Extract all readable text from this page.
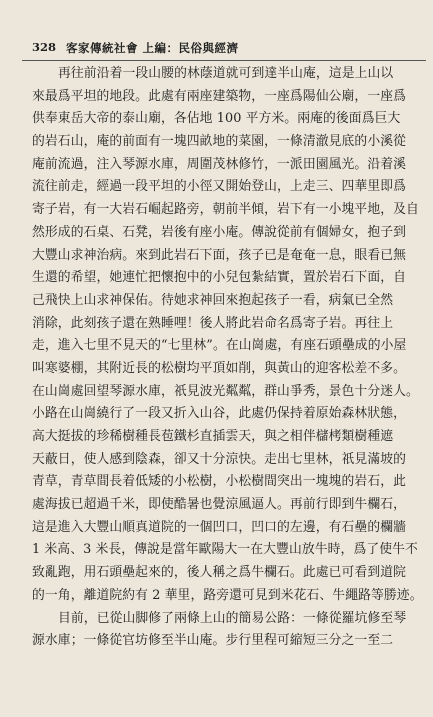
328 客家傳統社會 上編：民俗與經濟
再往前沿着一段山腰的林蔭道就可到達半山庵，這是上山以
來最爲平坦的地段。此處有兩座建築物，一座爲陽仙公廟，一座爲
供奉東岳大帝的泰山廟，各佔地 100 平方米。兩庵的後面爲巨大
的岩石山，庵的前面有一塊四畝地的菜園，一條清澈見底的小溪從
庵前流過，注入琴源水庫，周圍茂林修竹，一派田園風光。沿着溪
流往前走，經過一段平坦的小徑又開始登山，上走三、四華里即爲
寄子岩，有一大岩石崛起路旁，朝前半傾，岩下有一小塊平地，及自
然形成的石桌、石凳，岩後有座小庵。傳說從前有個婦女，抱子到
大豐山求神治病。來到此岩石下面，孩子已是奄奄一息，眼看已無
生還的希望，她連忙把懷抱中的小兒包紮結實，置於岩石下面，自
己飛快上山求神保佑。待她求神回來抱起孩子一看，病氣已全然
消除，此刻孩子還在熟睡哩！後人將此岩命名爲寄子岩。再往上
走，進入七里不見天的“七里林”。在山崗處，有座石頭壘成的小屋
叫寒婆棚，其附近長的松樹均平頂如削，與黃山的迎客松差不多。
在山崗處回望琴源水庫，祇見波光粼粼，群山爭秀，景色十分迷人。
小路在山崗繞行了一段又折入山谷，此處仍保持着原始森林狀態，
高大挺拔的珍稀樹種長苞鐵杉直插雲天，與之相伴櫧栲類樹種遮
天蔽日，使人感到陰森，卻又十分涼快。走出七里林，祇見滿坡的
青草，青草間長着低矮的小松樹，小松樹間突出一塊塊的岩石，此
處海拔已超過千米，即使酷暑也覺涼風逼人。再前行即到牛欄石，
這是進入大豐山順真道院的一個凹口，凹口的左邊，有石壘的欄牆
1 米高、3 米長，傳說是當年歐陽大一在大豐山放牛時，爲了使牛不
致亂跑，用石頭壘起來的，後人稱之爲牛欄石。此處已可看到道院
的一角，離道院約有 2 華里，路旁還可見到米花石、牛繩路等勝迹。
目前，已從山脚修了兩條上山的簡易公路：一條從羅坑修至琴
源水庫；一條從官坊修至半山庵。步行里程可縮短三分之一至二
